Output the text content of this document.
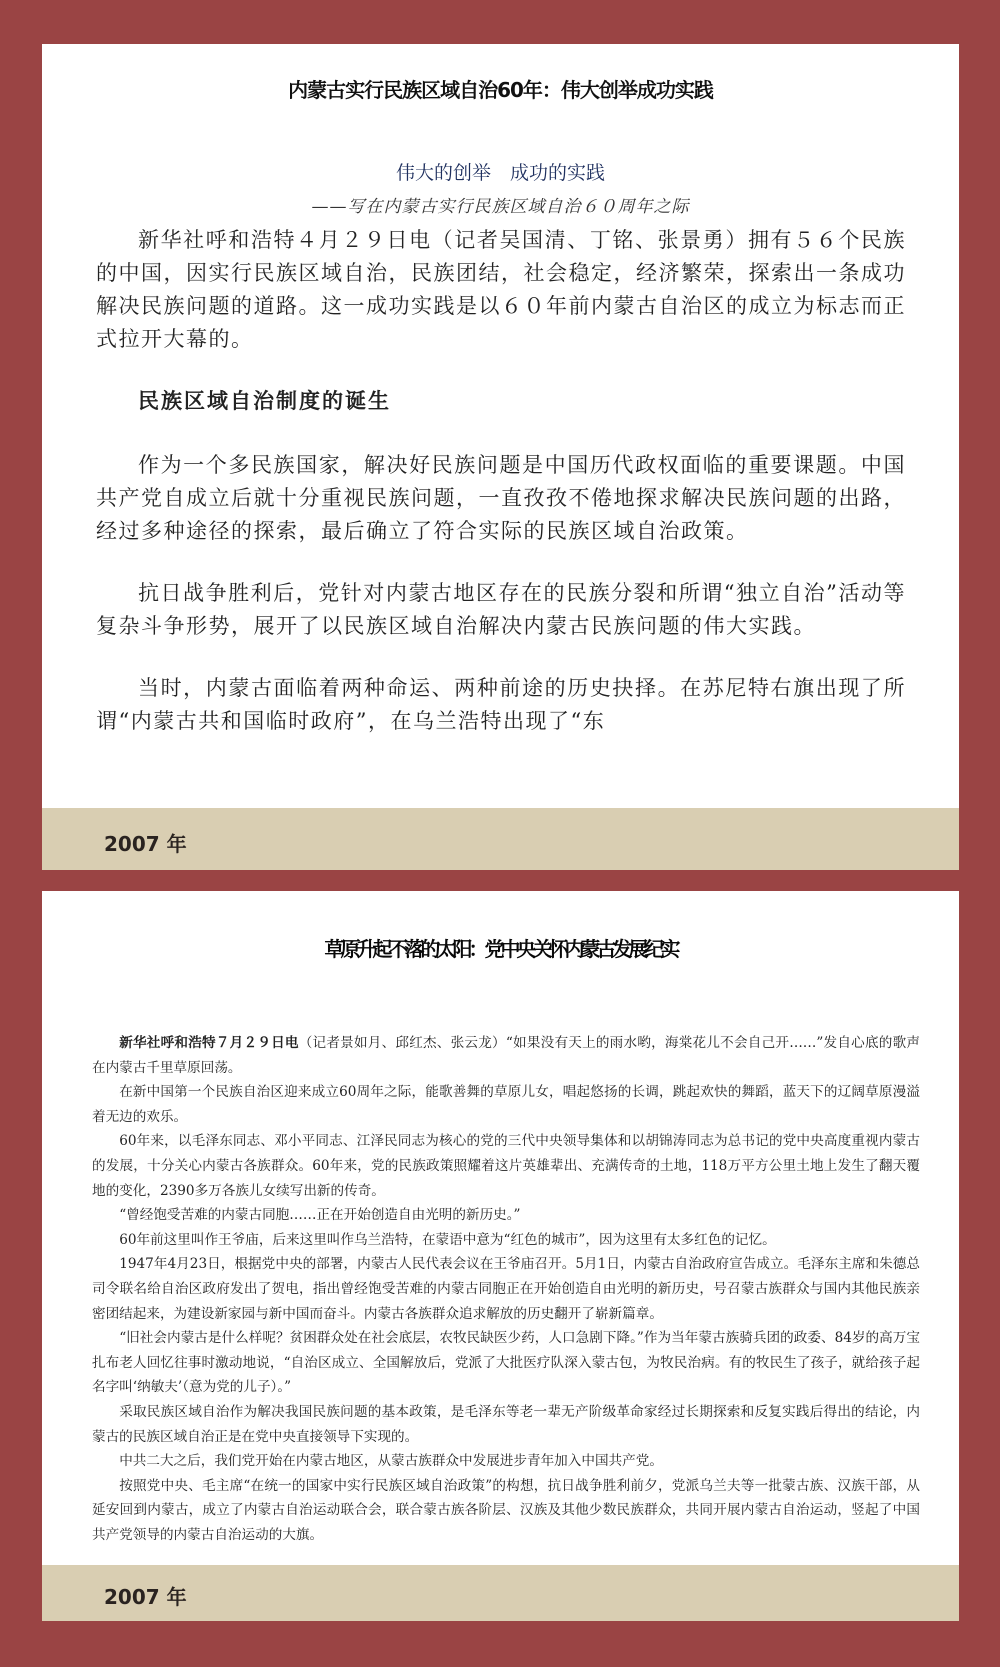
内蒙古实行民族区域自治60年：伟大创举成功实践
伟大的创举　成功的实践
——写在内蒙古实行民族区域自治６０周年之际

新华社呼和浩特４月２９日电（记者吴国清、丁铭、张景勇）拥有５６个民族的中国，因实行民族区域自治，民族团结，社会稳定，经济繁荣，探索出一条成功解决民族问题的道路。这一成功实践是以６０年前内蒙古自治区的成立为标志而正式拉开大幕的。

民族区域自治制度的诞生

作为一个多民族国家，解决好民族问题是中国历代政权面临的重要课题。中国共产党自成立后就十分重视民族问题，一直孜孜不倦地探求解决民族问题的出路，经过多种途径的探索，最后确立了符合实际的民族区域自治政策。

抗日战争胜利后，党针对内蒙古地区存在的民族分裂和所谓“独立自治”活动等复杂斗争形势，展开了以民族区域自治解决内蒙古民族问题的伟大实践。

当时，内蒙古面临着两种命运、两种前途的历史抉择。在苏尼特右旗出现了所谓“内蒙古共和国临时政府”，在乌兰浩特出现了“东

2007 年
草原升起不落的太阳：党中央关怀内蒙古发展纪实

新华社呼和浩特７月２９日电（记者景如月、邱红杰、张云龙）“如果没有天上的雨水哟，海棠花儿不会自己开……”发自心底的歌声在内蒙古千里草原回荡。

在新中国第一个民族自治区迎来成立60周年之际，能歌善舞的草原儿女，唱起悠扬的长调，跳起欢快的舞蹈，蓝天下的辽阔草原漫溢着无边的欢乐。

60年来，以毛泽东同志、邓小平同志、江泽民同志为核心的党的三代中央领导集体和以胡锦涛同志为总书记的党中央高度重视内蒙古的发展，十分关心内蒙古各族群众。60年来，党的民族政策照耀着这片英雄辈出、充满传奇的土地，118万平方公里土地上发生了翻天覆地的变化，2390多万各族儿女续写出新的传奇。

“曾经饱受苦难的内蒙古同胞……正在开始创造自由光明的新历史。”

60年前这里叫作王爷庙，后来这里叫作乌兰浩特，在蒙语中意为“红色的城市”，因为这里有太多红色的记忆。

1947年4月23日，根据党中央的部署，内蒙古人民代表会议在王爷庙召开。5月1日，内蒙古自治政府宣告成立。毛泽东主席和朱德总司令联名给自治区政府发出了贺电，指出曾经饱受苦难的内蒙古同胞正在开始创造自由光明的新历史，号召蒙古族群众与国内其他民族亲密团结起来，为建设新家园与新中国而奋斗。内蒙古各族群众追求解放的历史翻开了崭新篇章。

“旧社会内蒙古是什么样呢？贫困群众处在社会底层，农牧民缺医少药，人口急剧下降。”作为当年蒙古族骑兵团的政委、84岁的高万宝扎布老人回忆往事时激动地说，“自治区成立、全国解放后，党派了大批医疗队深入蒙古包，为牧民治病。有的牧民生了孩子，就给孩子起名字叫‘纳敏夫’（意为党的儿子）。”

采取民族区域自治作为解决我国民族问题的基本政策，是毛泽东等老一辈无产阶级革命家经过长期探索和反复实践后得出的结论，内蒙古的民族区域自治正是在党中央直接领导下实现的。

中共二大之后，我们党开始在内蒙古地区，从蒙古族群众中发展进步青年加入中国共产党。

按照党中央、毛主席“在统一的国家中实行民族区域自治政策”的构想，抗日战争胜利前夕，党派乌兰夫等一批蒙古族、汉族干部，从延安回到内蒙古，成立了内蒙古自治运动联合会，联合蒙古族各阶层、汉族及其他少数民族群众，共同开展内蒙古自治运动，竖起了中国共产党领导的内蒙古自治运动的大旗。

2007 年
